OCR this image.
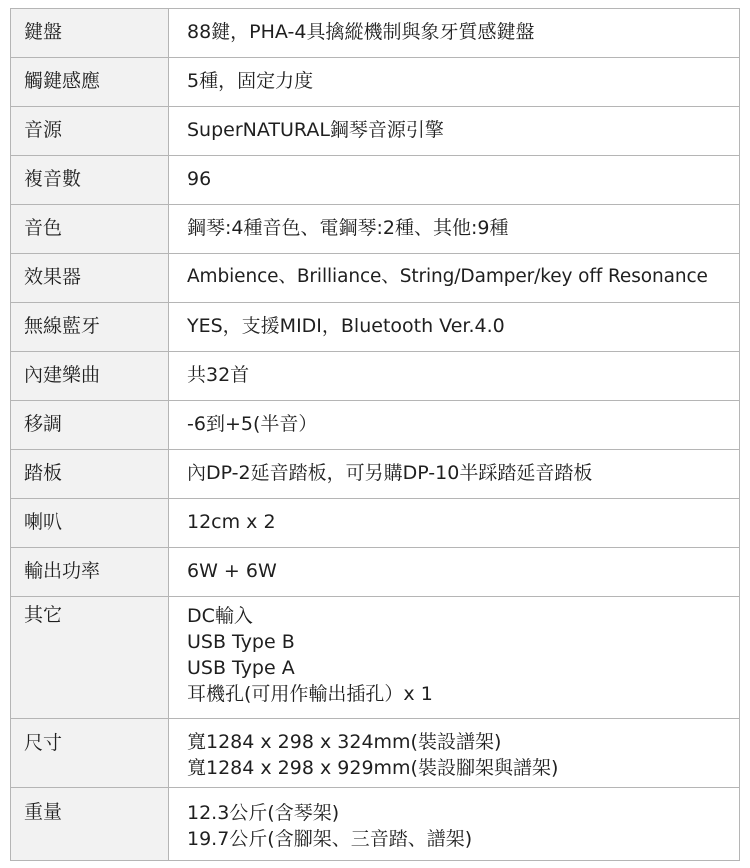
鍵盤	88鍵，PHA-4具擒縱機制與象牙質感鍵盤

觸鍵感應	5種，固定力度

音源	SuperNATURAL鋼琴音源引擎

複音數	96

音色	鋼琴:4種音色、電鋼琴:2種、其他:9種

效果器	Ambience、Brilliance、String/Damper/key off Resonance

無線藍牙	YES，支援MIDI，Bluetooth Ver.4.0

內建樂曲	共32首

移調	-6到+5(半音）

踏板	內DP-2延音踏板，可另購DP-10半踩踏延音踏板

喇叭	12cm x 2

輸出功率	6W + 6W

其它	DC輸入
USB Type B
USB Type A
耳機孔(可用作輸出插孔）x 1

尺寸	寬1284 x 298 x 324mm(裝設譜架)
寬1284 x 298 x 929mm(裝設腳架與譜架)

重量	12.3公斤(含琴架)
19.7公斤(含腳架、三音踏、譜架)
